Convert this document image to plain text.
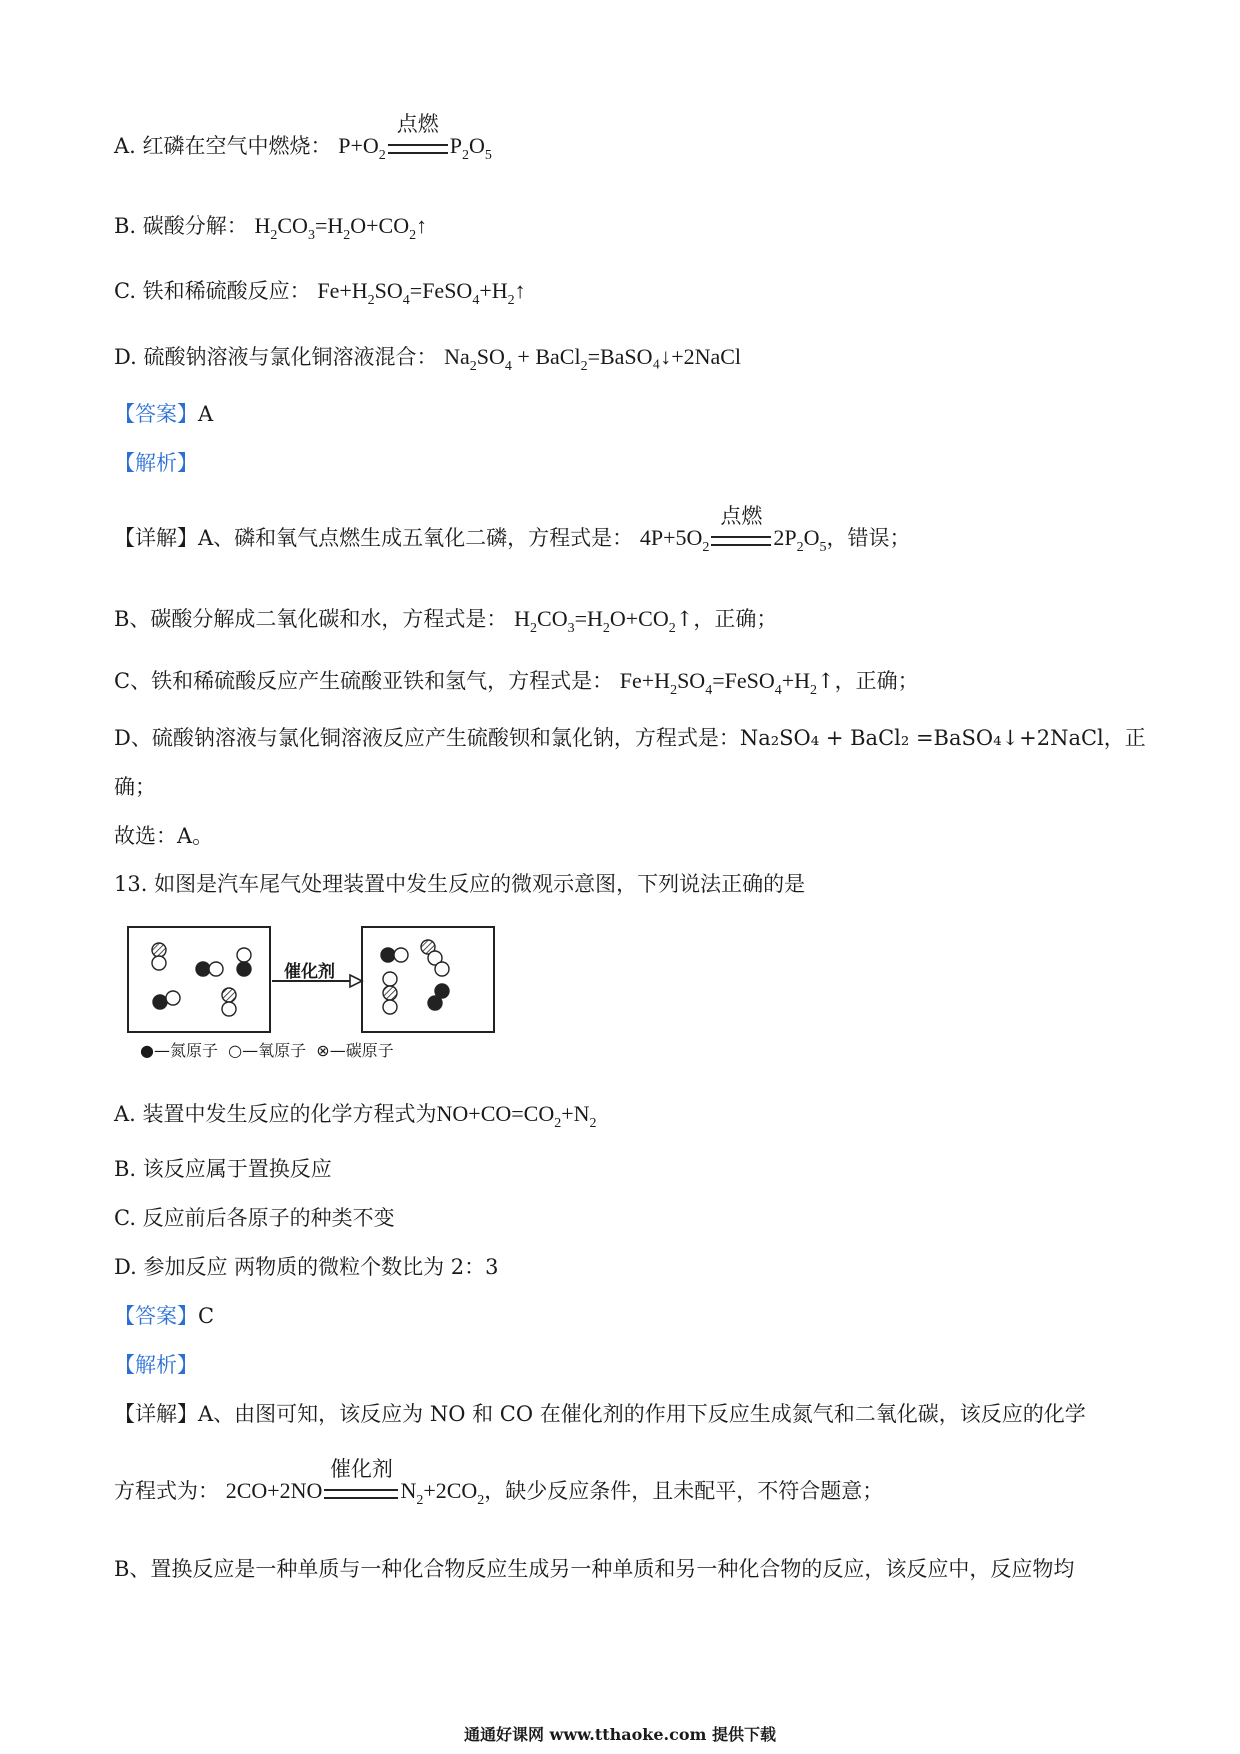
A. 红磷在空气中燃烧： $P+O_2$
点燃
$P_2O_5$
B. 碳酸分解： $H_2CO_3=H_2O+CO_2↑$
C. 铁和稀硫酸反应： $Fe+H_2SO_4=FeSO_4+H_2↑$
D. 硫酸钠溶液与氯化铜溶液混合： $Na_2SO_4$ + BaCl$_2$=BaSO₄↓+2NaCl
【答案】A
【解析】
【详解】A、磷和氧气点燃生成五氧化二磷，方程式是： $4P+5O_2$
点燃
$2P_2O_5$，错误；
B、碳酸分解成二氧化碳和水，方程式是： $H_2CO_3=H_2O+CO_2↑$，正确；
C、铁和稀硫酸反应产生硫酸亚铁和氢气，方程式是： $Fe+H_2SO_4=FeSO_4+H_2↑$，正确；
D、硫酸钠溶液与氯化铜溶液反应产生硫酸钡和氯化钠，方程式是：Na₂SO₄ + BaCl₂ =BaSO₄↓+2NaCl，正
确；
故选：A。
13. 如图是汽车尾气处理装置中发生反应的微观示意图，下列说法正确的是
催化剂
●—氮原子 ○—氧原子 ⊗—碳原子
A. 装置中发生反应的化学方程式为$NO+CO=CO_2+N_2$
B. 该反应属于置换反应
C. 反应前后各原子的种类不变
D. 参加反应 两物质的微粒个数比为 2：3
【答案】C
【解析】
【详解】A、由图可知，该反应为 NO 和 CO 在催化剂的作用下反应生成氮气和二氧化碳，该反应的化学
方程式为： 2CO+2NO
催化剂
$N_2+2CO_2$，缺少反应条件，且未配平，不符合题意；
B、置换反应是一种单质与一种化合物反应生成另一种单质和另一种化合物的反应，该反应中，反应物均
通通好课网 www.tthaoke.com 提供下载
